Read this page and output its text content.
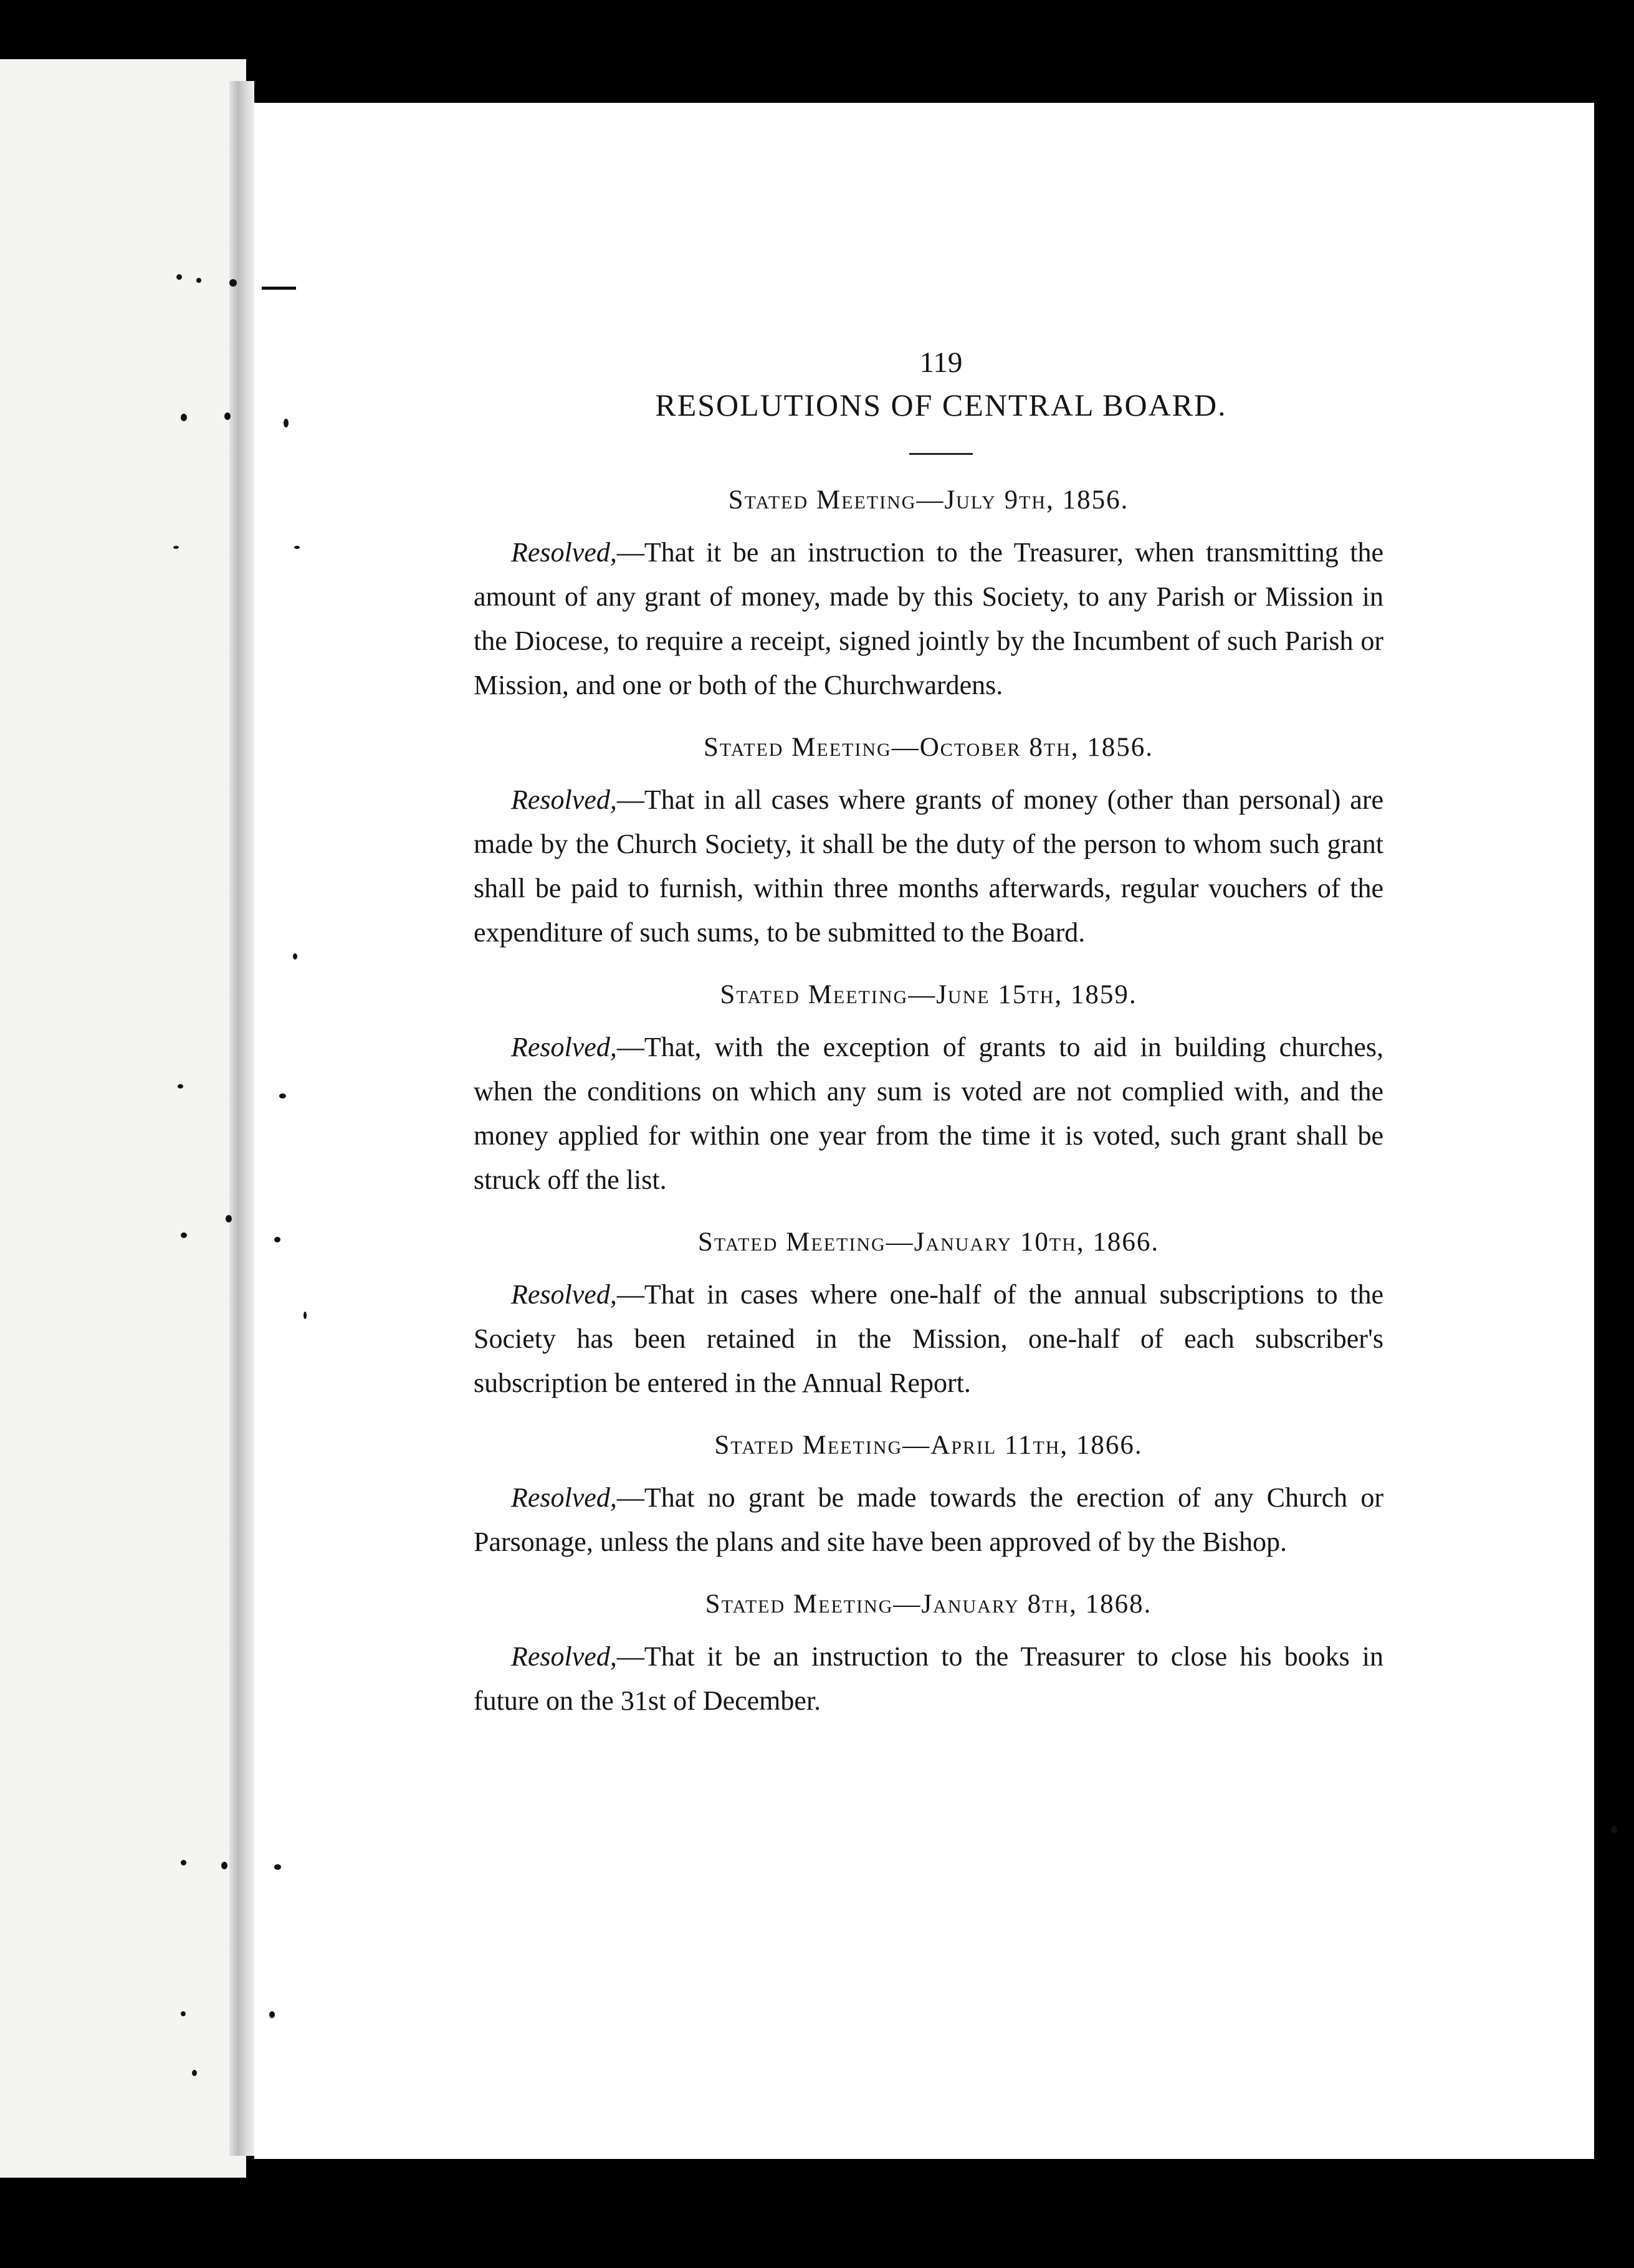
119
RESOLUTIONS OF CENTRAL BOARD.
Stated Meeting—July 9th, 1856.

Resolved,—That it be an instruction to the Treasurer, when transmitting the amount of any grant of money, made by this Society, to any Parish or Mission in the Diocese, to require a receipt, signed jointly by the Incumbent of such Parish or Mission, and one or both of the Churchwardens.

Stated Meeting—October 8th, 1856.

Resolved,—That in all cases where grants of money (other than personal) are made by the Church Society, it shall be the duty of the person to whom such grant shall be paid to furnish, within three months afterwards, regular vouchers of the expenditure of such sums, to be submitted to the Board.

Stated Meeting—June 15th, 1859.

Resolved,—That, with the exception of grants to aid in building churches, when the conditions on which any sum is voted are not complied with, and the money applied for within one year from the time it is voted, such grant shall be struck off the list.

Stated Meeting—January 10th, 1866.

Resolved,—That in cases where one-half of the annual subscriptions to the Society has been retained in the Mission, one-half of each subscriber's subscription be entered in the Annual Report.

Stated Meeting—April 11th, 1866.

Resolved,—That no grant be made towards the erection of any Church or Parsonage, unless the plans and site have been approved of by the Bishop.

Stated Meeting—January 8th, 1868.

Resolved,—That it be an instruction to the Treasurer to close his books in future on the 31st of December.
